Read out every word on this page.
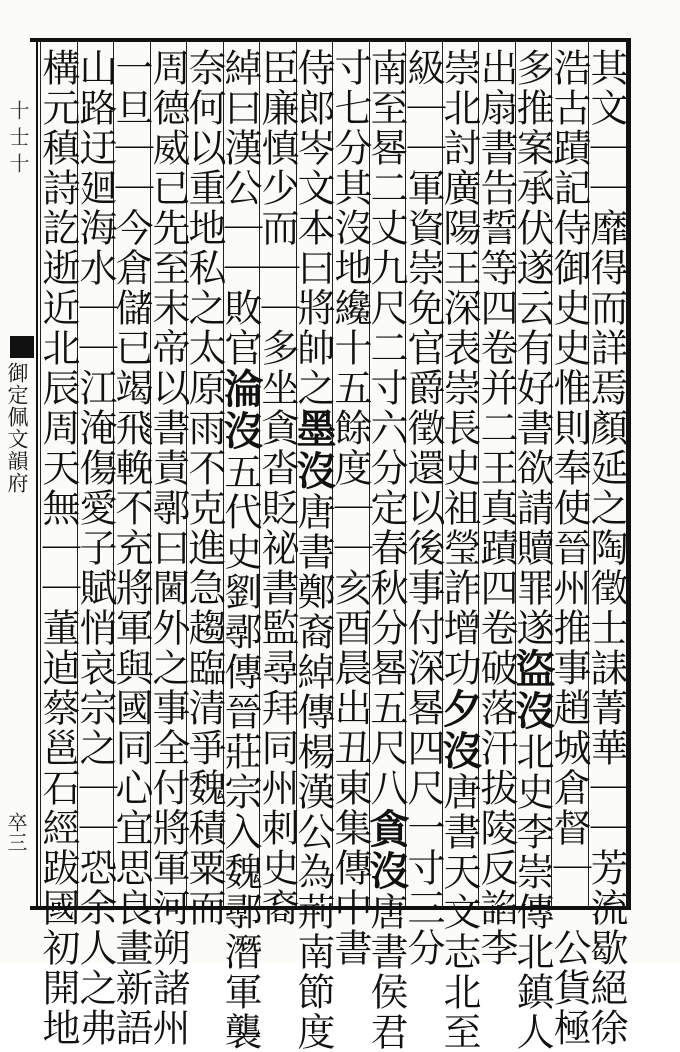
十 士 十
御定佩文韻府
卒三	其文｜｜靡得而詳焉顏延之陶徵士誄菁華｜｜芳流歇絕徐
浩古蹟記侍御史史惟則奉使晉州推事趙城倉督｜｜公貨極
多推案承伏遂云有好書欲請贖罪遂盜沒北史李崇傳北鎮人
出扇書告誓等四卷并二王真蹟四卷破落汗拔陵反諂李
崇北討廣陽王深表崇長史祖瑩詐增功夕沒唐書天文志北至
級｜｜軍資崇免官爵徵還以後事付深晷四尺一寸三分
南至晷二丈九尺二寸六分定春秋分晷五尺八貪沒唐書侯君
寸七分其沒地纔十五餘度｜｜亥酉晨出丑東集傳中書
侍郎岑文本曰將帥之墨沒唐書鄭裔綽傳楊漢公為荊南節度
臣廉慎少而｜｜多坐貪沓貶祕書監尋拜同州刺史裔
綽曰漢公｜｜敗官淪沒五代史劉鄩傳晉莊宗入魏鄩潛軍襲
奈何以重地私之太原雨不克進急趨臨清爭魏積粟而
周德威已先至末帝以書責鄩曰閫外之事全付將軍河朔諸州
一旦｜｜今倉儲已竭飛輓不充將軍與國同心宜思良畫新語
山路迂廻海水｜｜江淹傷愛子賦悄哀宗之｜｜恐余人之弗
構元稹詩訖逝近北辰周天無｜｜董逌蔡邕石經跋國初開地
